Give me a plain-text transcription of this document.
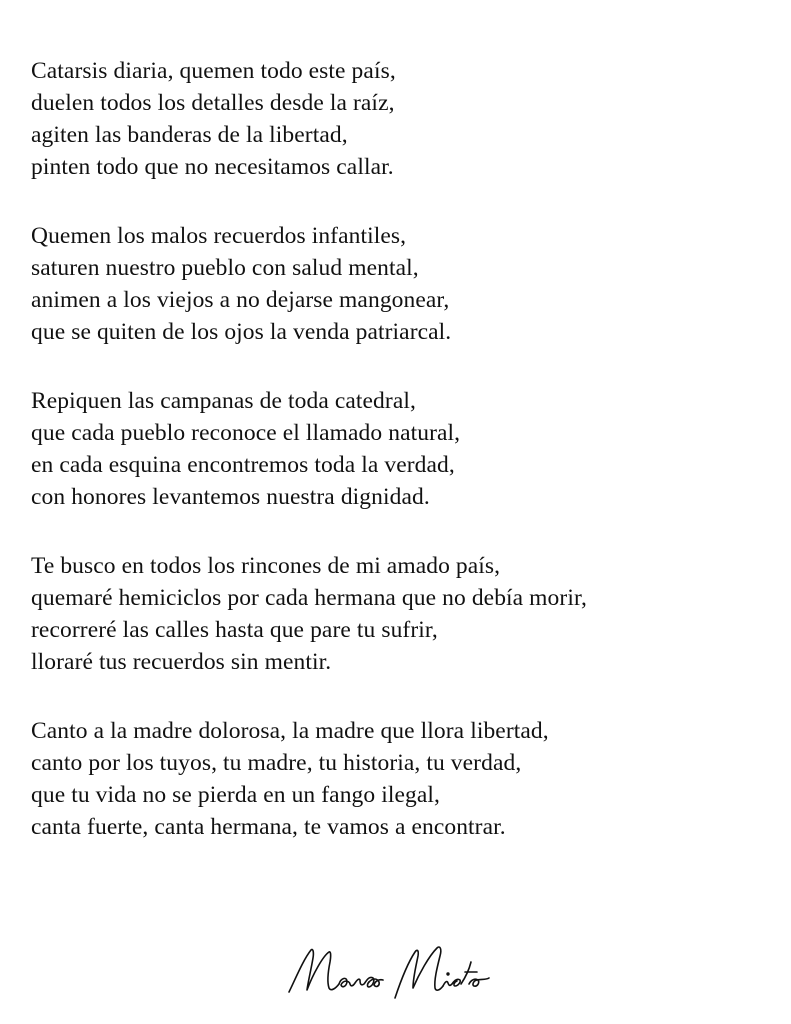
Catarsis diaria, quemen todo este país,
duelen todos los detalles desde la raíz,
agiten las banderas de la libertad,
pinten todo que no necesitamos callar.
Quemen los malos recuerdos infantiles,
saturen nuestro pueblo con salud mental,
animen a los viejos a no dejarse mangonear,
que se quiten de los ojos la venda patriarcal.
Repiquen las campanas de toda catedral,
que cada pueblo reconoce el llamado natural,
en cada esquina encontremos toda la verdad,
con honores levantemos nuestra dignidad.
Te busco en todos los rincones de mi amado país,
quemaré hemiciclos por cada hermana que no debía morir,
recorreré las calles hasta que pare tu sufrir,
lloraré tus recuerdos sin mentir.
Canto a la madre dolorosa, la madre que llora libertad,
canto por los tuyos, tu madre, tu historia, tu verdad,
que tu vida no se pierda en un fango ilegal,
canta fuerte, canta hermana, te vamos a encontrar.
